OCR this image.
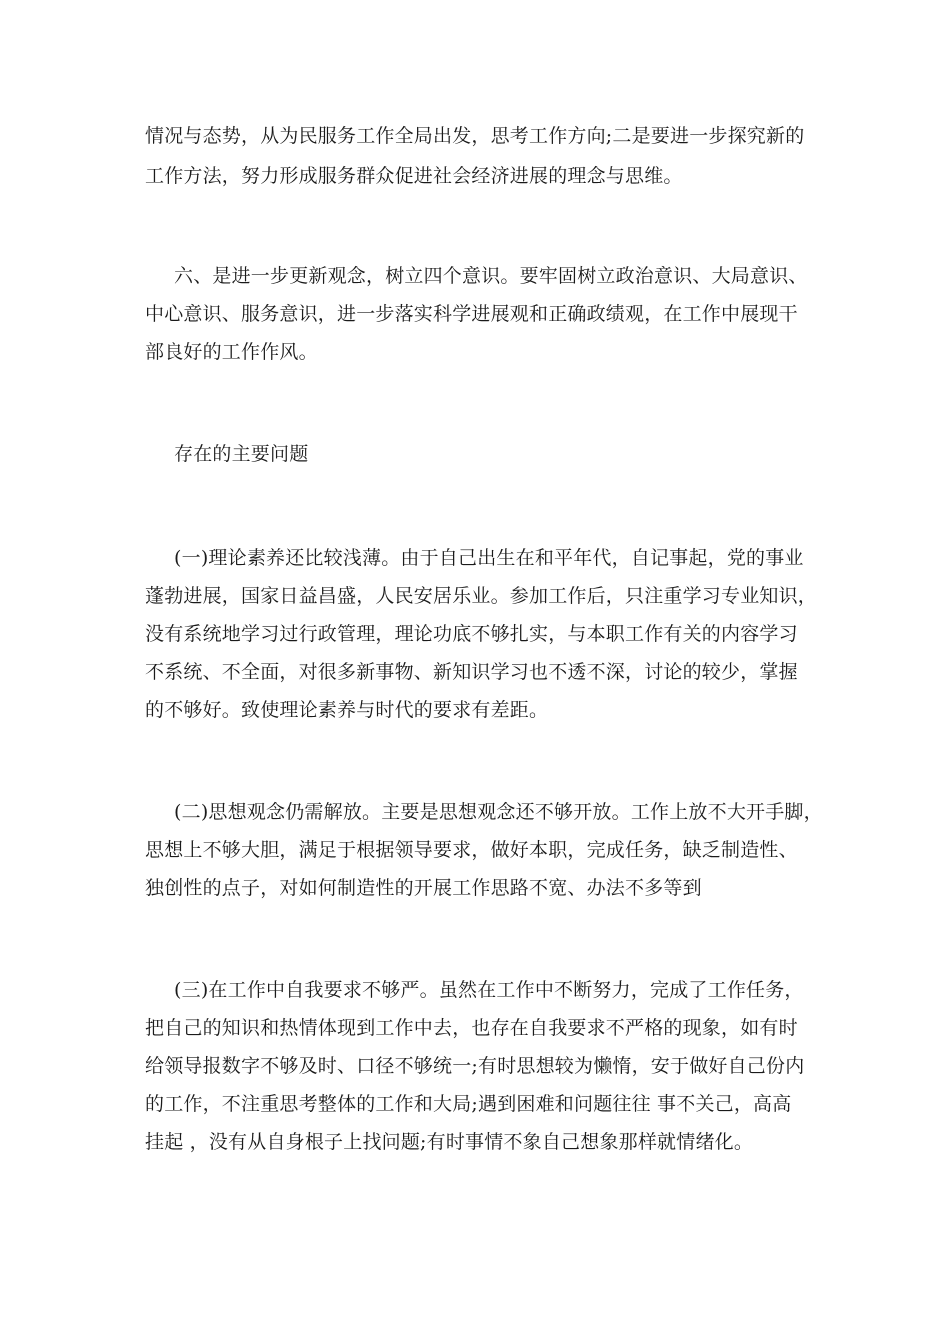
情况与态势，从为民服务工作全局出发，思考工作方向;二是要进一步探究新的
工作方法，努力形成服务群众促进社会经济进展的理念与思维。
六、是进一步更新观念，树立四个意识。要牢固树立政治意识、大局意识、
中心意识、服务意识，进一步落实科学进展观和正确政绩观，在工作中展现干
部良好的工作作风。
存在的主要问题
(一)理论素养还比较浅薄。由于自己出生在和平年代，自记事起，党的事业
蓬勃进展，国家日益昌盛，人民安居乐业。参加工作后，只注重学习专业知识，
没有系统地学习过行政管理，理论功底不够扎实，与本职工作有关的内容学习
不系统、不全面，对很多新事物、新知识学习也不透不深，讨论的较少，掌握
的不够好。致使理论素养与时代的要求有差距。
(二)思想观念仍需解放。主要是思想观念还不够开放。工作上放不大开手脚，
思想上不够大胆，满足于根据领导要求，做好本职，完成任务，缺乏制造性、
独创性的点子，对如何制造性的开展工作思路不宽、办法不多等到
(三)在工作中自我要求不够严。虽然在工作中不断努力，完成了工作任务，
把自己的知识和热情体现到工作中去，也存在自我要求不严格的现象，如有时
给领导报数字不够及时、口径不够统一;有时思想较为懒惰，安于做好自己份内
的工作，不注重思考整体的工作和大局;遇到困难和问题往往 事不关己，高高
挂起 ，没有从自身根子上找问题;有时事情不象自己想象那样就情绪化。
